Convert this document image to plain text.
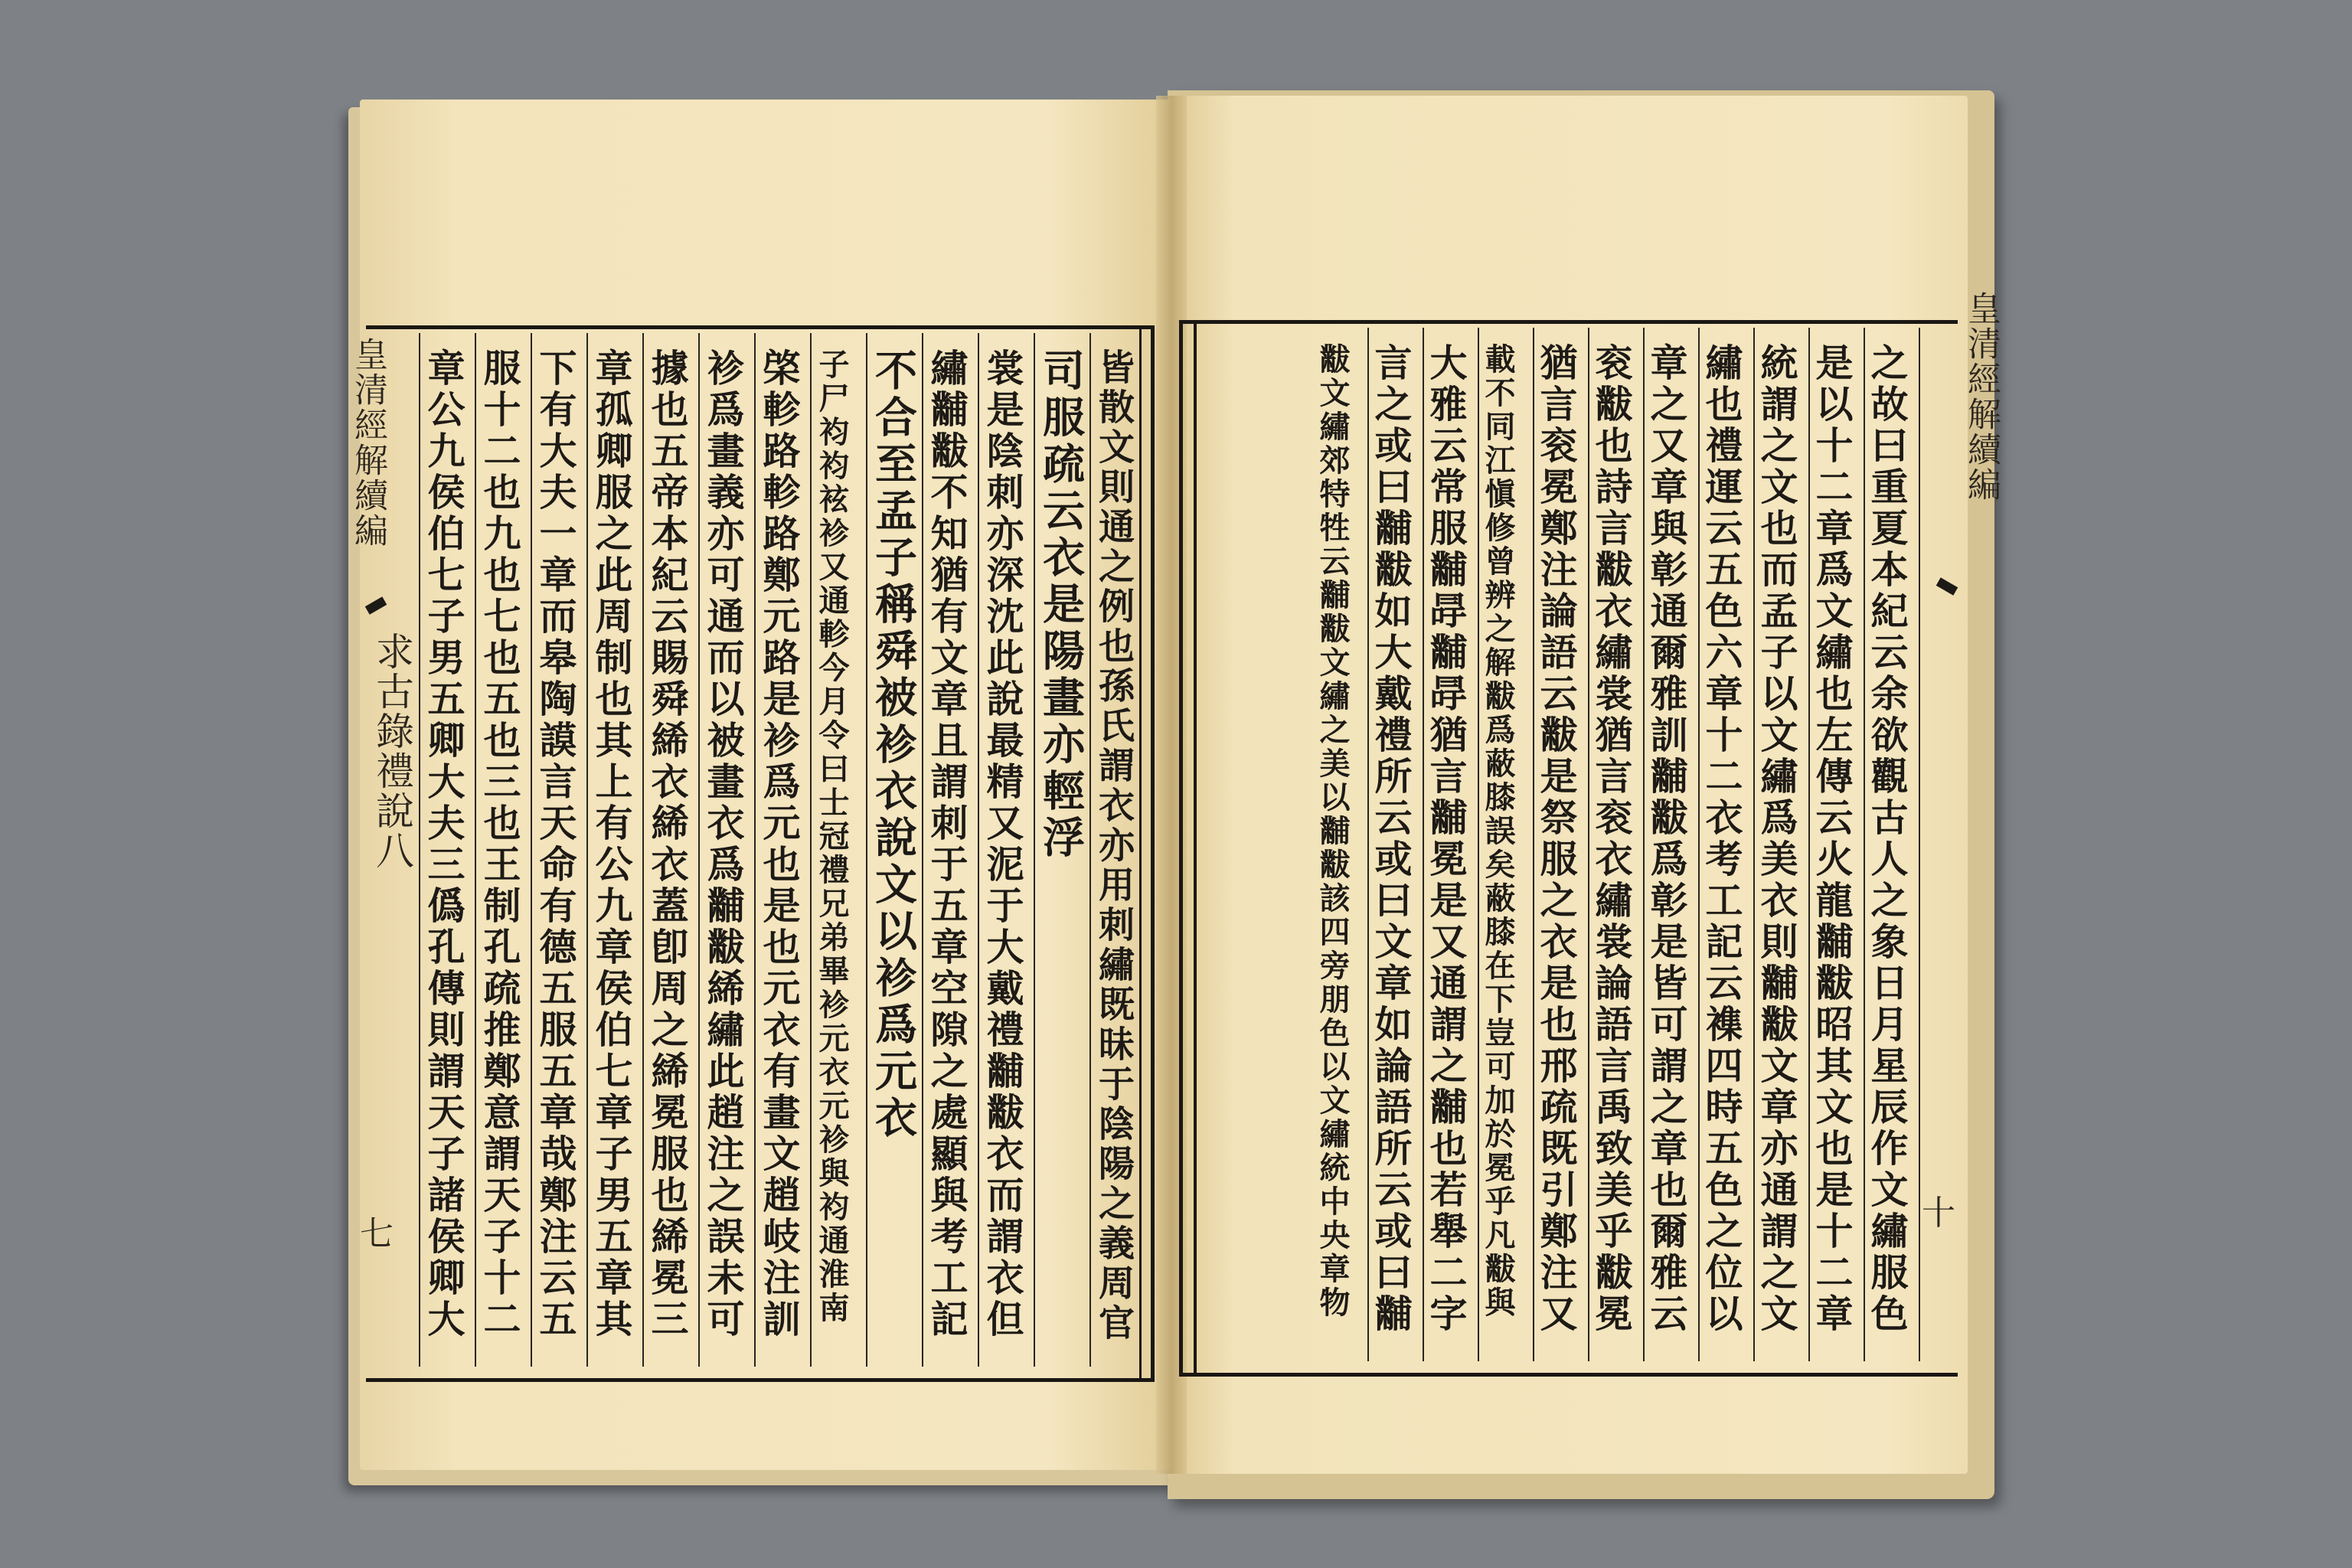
章公九侯伯七子男五卿大夫三僞孔傳則謂天子諸侯卿大 服十二也九也七也五也三也王制孔疏推鄭意謂天子十二 下有大夫一章而皋陶謨言天命有德五服五章哉鄭注云五 章孤卿服之此周制也其上有公九章侯伯七章子男五章其 據也五帝本紀云賜舜絺衣絺衣蓋卽周之絺冕服也絺冕三 袗爲畫義亦可通而以被畫衣爲黼黻絺繡此趙注之誤未可 棨軫路軫路鄭元路是袗爲元也是也元衣有畫文趙岐注訓 子尸袀袀袨袗又通軫今月令曰士冠禮兄弟畢袗元衣元袗與袀通淮南 不合至孟子稱舜被袗衣說文以袗爲元衣 繡黼黻不知猶有文章且謂刺于五章空隙之處顯與考工記 裳是陰刺亦深沈此說最精又泥于大戴禮黼黻衣而謂衣但 司服疏云衣是陽畫亦輕浮 皆散文則通之例也孫氏謂衣亦用刺繡既昧于陰陽之義周官	之故曰重夏本紀云余欲觀古人之象日月星辰作文繡服色
是以十二章爲文繡也左傳云火龍黼黻昭其文也是十二章
統謂之文也而孟子以文繡爲美衣則黼黻文章亦通謂之文
繡也禮運云五色六章十二衣考工記云襍四時五色之位以
章之又章與彰通爾雅訓黼黻爲彰是皆可謂之章也爾雅云
衮黻也詩言黻衣繡裳猶言衮衣繡裳論語言禹致美乎黻冕
猶言衮冕鄭注論語云黻是祭服之衣是也邢疏既引鄭注又
載不同江愼修曾辨之解黻爲蔽膝誤矣蔽膝在下豈可加於冕乎凡黻與
大雅云常服黼冔黼冔猶言黼冕是又通謂之黼也若舉二字
言之或曰黼黻如大戴禮所云或曰文章如論語所云或曰黼
黻文繡郊特牲云黼黻文繡之美以黼黻該四旁朋色以文繡統中央章物
皇清經解續編
求古錄禮說八
七
皇清經解續編
十
